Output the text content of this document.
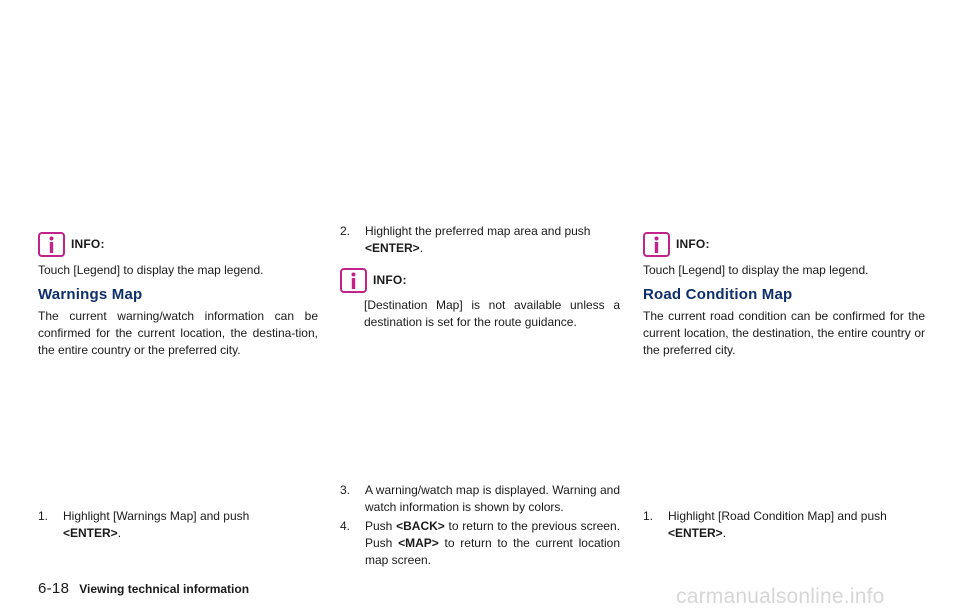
INFO:

Touch [Legend] to display the map legend.

Warnings Map

The current warning/watch information can be confirmed for the current location, the destina-tion, the entire country or the preferred city.

1.	Highlight [Warnings Map] and push
<ENTER>.
2.	Highlight the preferred map area and push
<ENTER>.
INFO:

[Destination Map] is not available unless a destination is set for the route guidance.

3.	A warning/watch map is displayed. Warning and watch information is shown by colors.
4.	Push <BACK> to return to the previous screen. Push <MAP> to return to the current location map screen.
INFO:

Touch [Legend] to display the map legend.

Road Condition Map

The current road condition can be confirmed for the current location, the destination, the entire country or the preferred city.

1.	Highlight [Road Condition Map] and push
<ENTER>.
6-18 Viewing technical information	carmanualsonline.info
